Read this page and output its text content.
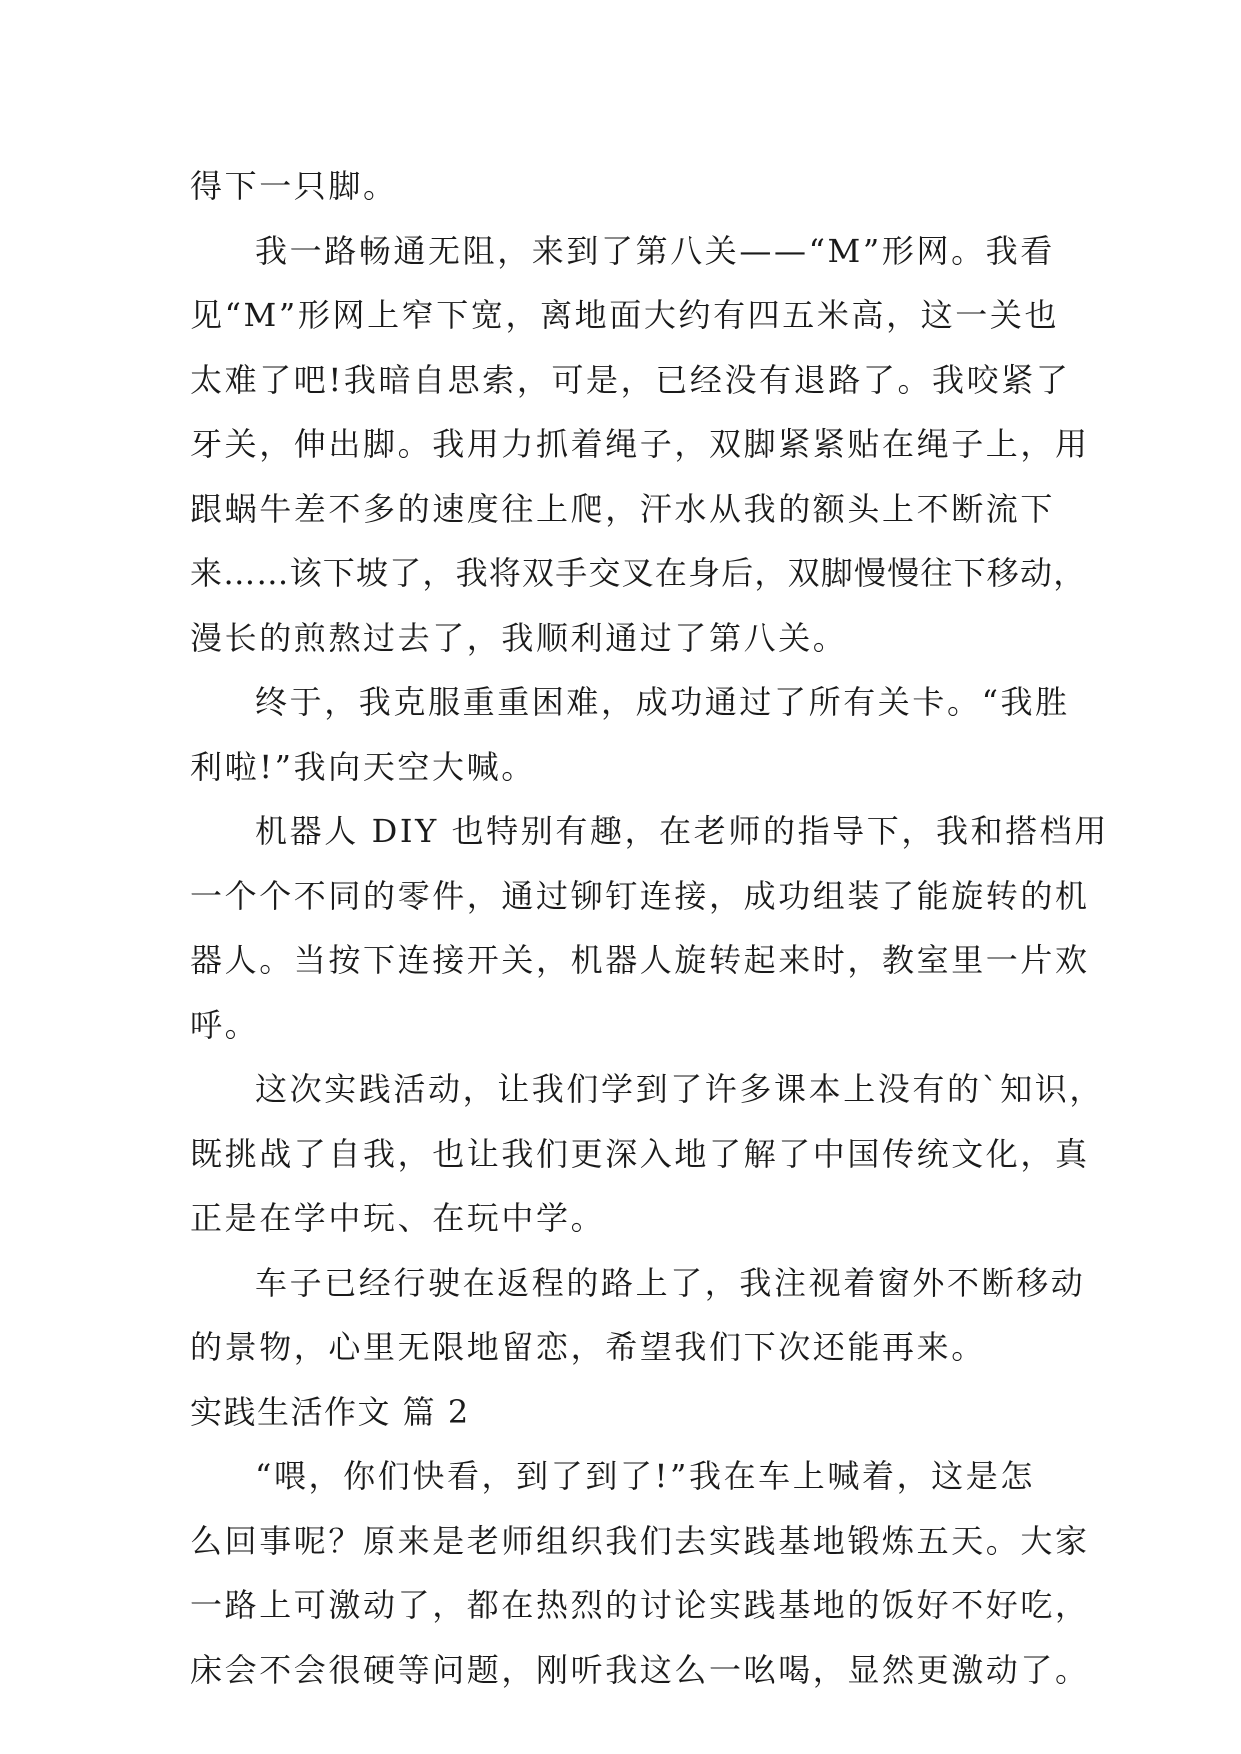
得下一只脚。
我一路畅通无阻，来到了第八关——“M”形网。我看
见“M”形网上窄下宽，离地面大约有四五米高，这一关也
太难了吧!我暗自思索，可是，已经没有退路了。我咬紧了
牙关，伸出脚。我用力抓着绳子，双脚紧紧贴在绳子上，用
跟蜗牛差不多的速度往上爬，汗水从我的额头上不断流下
来……该下坡了，我将双手交叉在身后，双脚慢慢往下移动，
漫长的煎熬过去了，我顺利通过了第八关。
终于，我克服重重困难，成功通过了所有关卡。“我胜
利啦!”我向天空大喊。
机器人 DIY 也特别有趣，在老师的指导下，我和搭档用
一个个不同的零件，通过铆钉连接，成功组装了能旋转的机
器人。当按下连接开关，机器人旋转起来时，教室里一片欢
呼。
这次实践活动，让我们学到了许多课本上没有的`知识，
既挑战了自我，也让我们更深入地了解了中国传统文化，真
正是在学中玩、在玩中学。
车子已经行驶在返程的路上了，我注视着窗外不断移动
的景物，心里无限地留恋，希望我们下次还能再来。
实践生活作文 篇 2
“喂，你们快看，到了到了!”我在车上喊着，这是怎
么回事呢？原来是老师组织我们去实践基地锻炼五天。大家
一路上可激动了，都在热烈的讨论实践基地的饭好不好吃，
床会不会很硬等问题，刚听我这么一吆喝，显然更激动了。
